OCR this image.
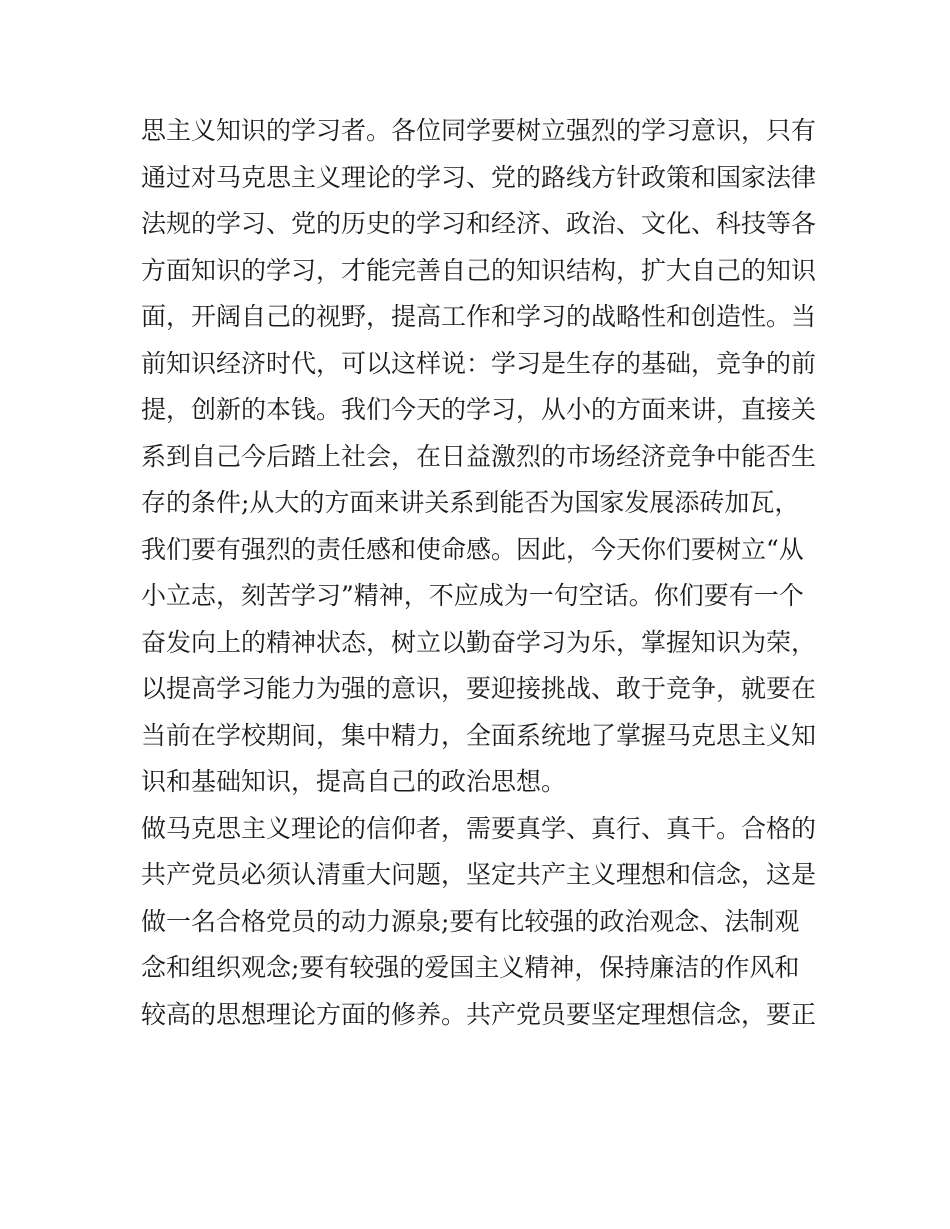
思主义知识的学习者。各位同学要树立强烈的学习意识，只有
通过对马克思主义理论的学习、党的路线方针政策和国家法律
法规的学习、党的历史的学习和经济、政治、文化、科技等各
方面知识的学习，才能完善自己的知识结构，扩大自己的知识
面，开阔自己的视野，提高工作和学习的战略性和创造性。当
前知识经济时代，可以这样说：学习是生存的基础，竞争的前
提，创新的本钱。我们今天的学习，从小的方面来讲，直接关
系到自己今后踏上社会，在日益激烈的市场经济竞争中能否生
存的条件;从大的方面来讲关系到能否为国家发展添砖加瓦，
我们要有强烈的责任感和使命感。因此，今天你们要树立“从
小立志，刻苦学习”精神，不应成为一句空话。你们要有一个
奋发向上的精神状态，树立以勤奋学习为乐，掌握知识为荣，
以提高学习能力为强的意识，要迎接挑战、敢于竞争，就要在
当前在学校期间，集中精力，全面系统地了掌握马克思主义知
识和基础知识，提高自己的政治思想。
做马克思主义理论的信仰者，需要真学、真行、真干。合格的
共产党员必须认清重大问题，坚定共产主义理想和信念，这是
做一名合格党员的动力源泉;要有比较强的政治观念、法制观
念和组织观念;要有较强的爱国主义精神，保持廉洁的作风和
较高的思想理论方面的修养。共产党员要坚定理想信念，要正
